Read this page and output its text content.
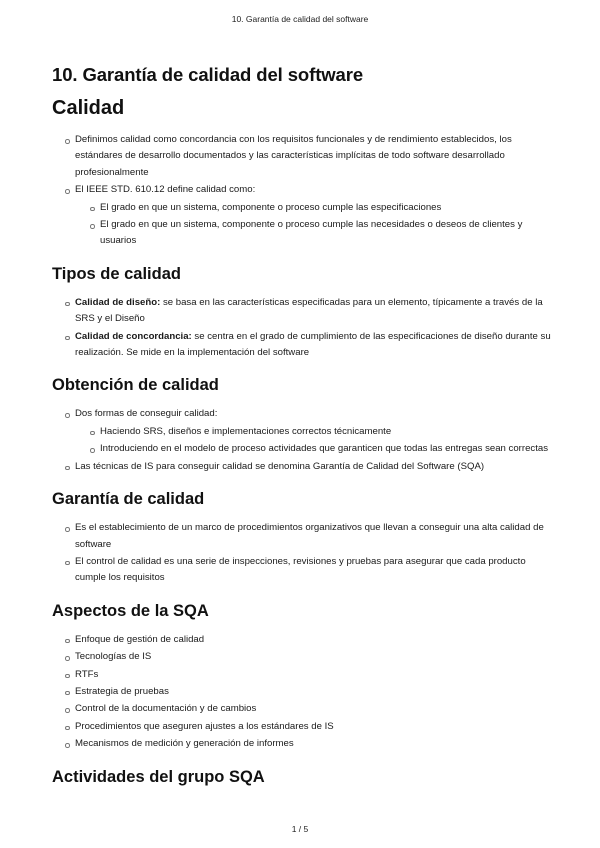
10. Garantía de calidad del software
10. Garantía de calidad del software
Calidad
Definimos calidad como concordancia con los requisitos funcionales y de rendimiento establecidos, los estándares de desarrollo documentados y las características implícitas de todo software desarrollado profesionalmente
El IEEE STD. 610.12 define calidad como:
El grado en que un sistema, componente o proceso cumple las especificaciones
El grado en que un sistema, componente o proceso cumple las necesidades o deseos de clientes y usuarios
Tipos de calidad
Calidad de diseño: se basa en las características especificadas para un elemento, típicamente a través de la SRS y el Diseño
Calidad de concordancia: se centra en el grado de cumplimiento de las especificaciones de diseño durante su realización. Se mide en la implementación del software
Obtención de calidad
Dos formas de conseguir calidad:
Haciendo SRS, diseños e implementaciones correctos técnicamente
Introduciendo en el modelo de proceso actividades que garanticen que todas las entregas sean correctas
Las técnicas de IS para conseguir calidad se denomina Garantía de Calidad del Software (SQA)
Garantía de calidad
Es el establecimiento de un marco de procedimientos organizativos que llevan a conseguir una alta calidad de software
El control de calidad es una serie de inspecciones, revisiones y pruebas para asegurar que cada producto cumple los requisitos
Aspectos de la SQA
Enfoque de gestión de calidad
Tecnologías de IS
RTFs
Estrategia de pruebas
Control de la documentación y de cambios
Procedimientos que aseguren ajustes a los estándares de IS
Mecanismos de medición y generación de informes
Actividades del grupo SQA
1 / 5
